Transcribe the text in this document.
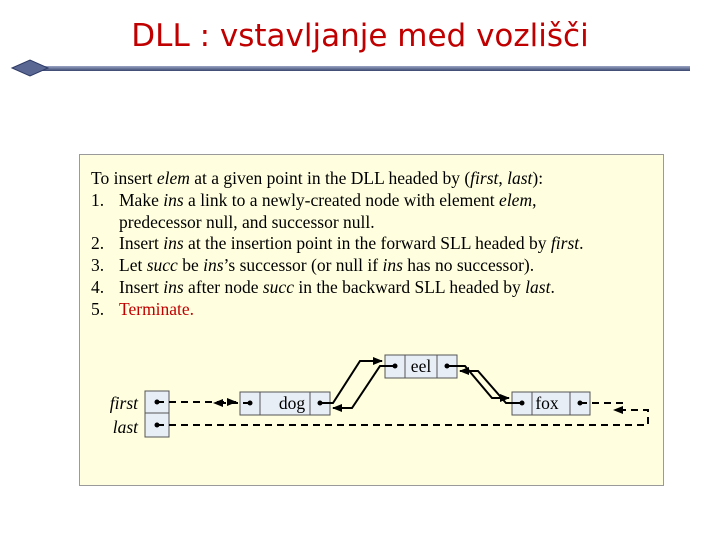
DLL : vstavljanje med vozlišči
To insert elem at a given point in the DLL headed by (first, last):
1. Make ins a link to a newly-created node with element elem,
predecessor null, and successor null.
2. Insert ins at the insertion point in the forward SLL headed by first.
3. Let succ be ins’s successor (or null if ins has no successor).
4. Insert ins after node succ in the backward SLL headed by last.
5. Terminate.
first
last
dog
eel
fox
